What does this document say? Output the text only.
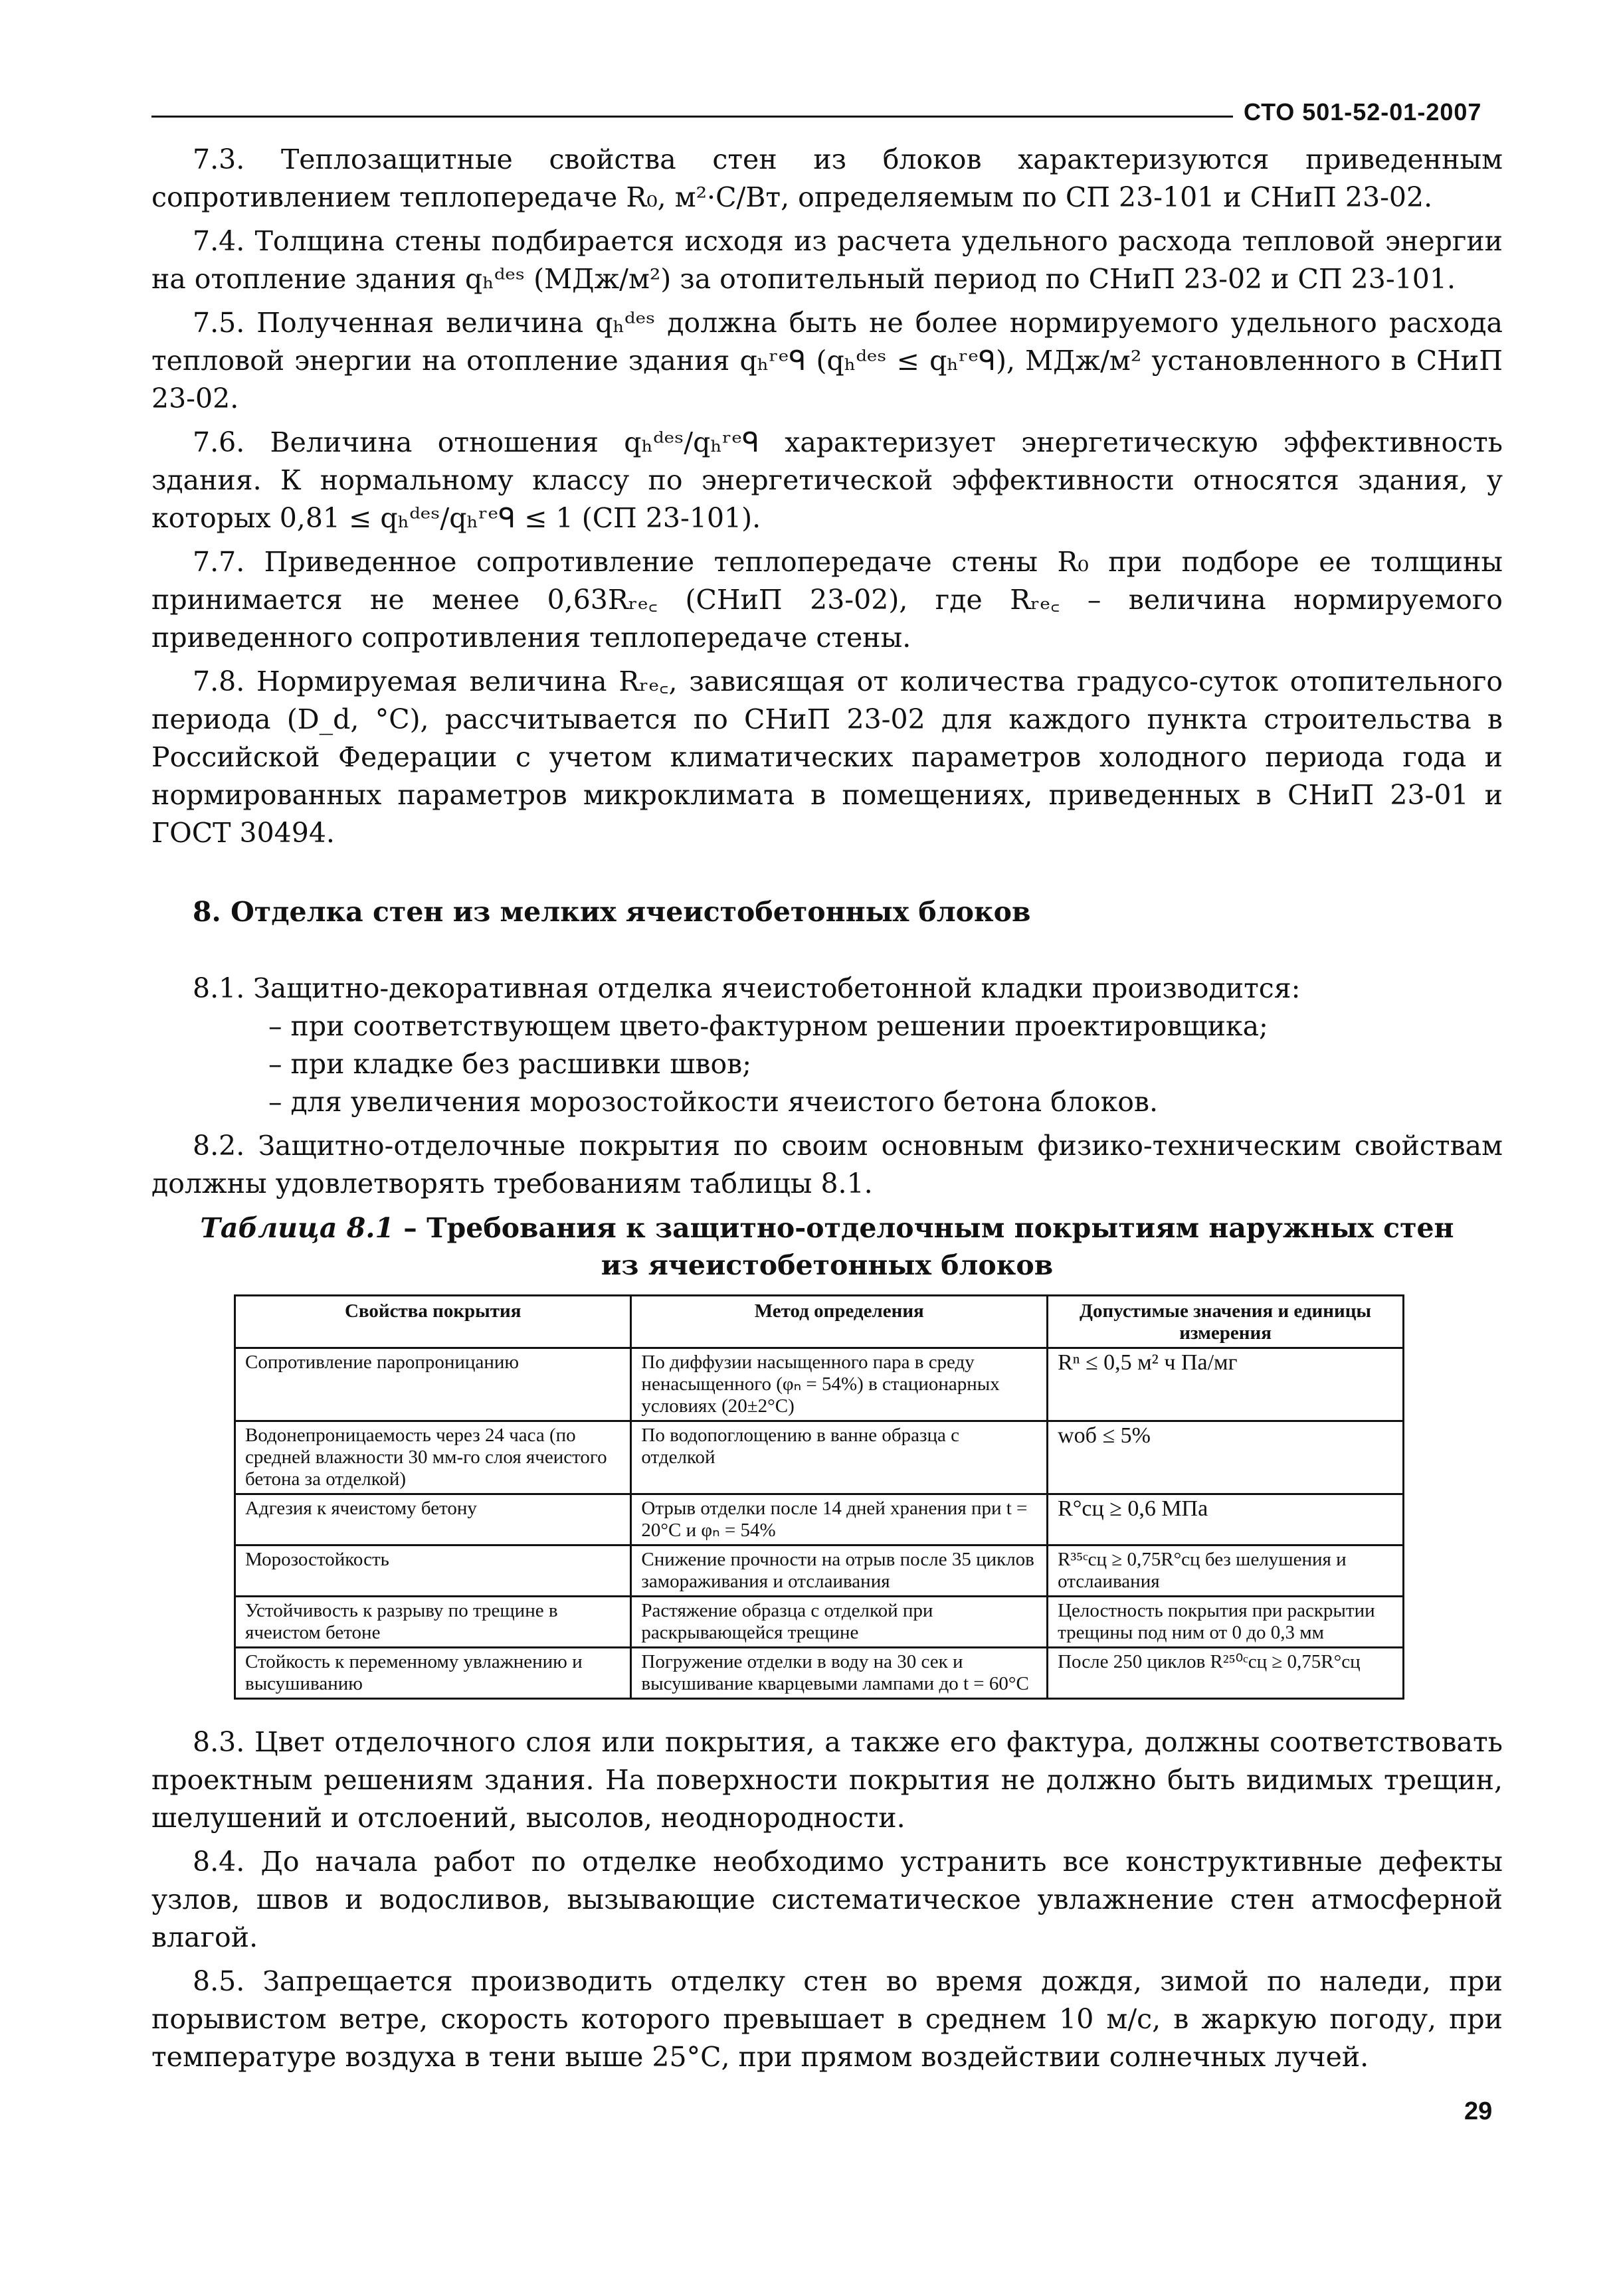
СТО 501-52-01-2007

7.3. Теплозащитные свойства стен из блоков характеризуются приведенным сопротивлением теплопередаче R₀, м²·С/Вт, определяемым по СП 23-101 и СНиП 23-02.

7.4. Толщина стены подбирается исходя из расчета удельного расхода тепловой энергии на отопление здания qₕᵈᵉˢ (МДж/м²) за отопительный период по СНиП 23-02 и СП 23-101.

7.5. Полученная величина qₕᵈᵉˢ должна быть не более нормируемого удельного расхода тепловой энергии на отопление здания qₕʳᵉᑫ (qₕᵈᵉˢ ≤ qₕʳᵉᑫ), МДж/м² установленного в СНиП 23-02.

7.6. Величина отношения qₕᵈᵉˢ/qₕʳᵉᑫ характеризует энергетическую эффективность здания. К нормальному классу по энергетической эффективности относятся здания, у которых 0,81 ≤ qₕᵈᵉˢ/qₕʳᵉᑫ ≤ 1 (СП 23-101).

7.7. Приведенное сопротивление теплопередаче стены R₀ при подборе ее толщины принимается не менее 0,63Rᵣₑ꜀ (СНиП 23-02), где Rᵣₑ꜀ – величина нормируемого приведенного сопротивления теплопередаче стены.

7.8. Нормируемая величина Rᵣₑ꜀, зависящая от количества градусо-суток отопительного периода (D_d, °C), рассчитывается по СНиП 23-02 для каждого пункта строительства в Российской Федерации с учетом климатических параметров холодного периода года и нормированных параметров микроклимата в помещениях, приведенных в СНиП 23-01 и ГОСТ 30494.

8. Отделка стен из мелких ячеистобетонных блоков

8.1. Защитно-декоративная отделка ячеистобетонной кладки производится:

– при соответствующем цвето-фактурном решении проектировщика;

– при кладке без расшивки швов;

– для увеличения морозостойкости ячеистого бетона блоков.

8.2. Защитно-отделочные покрытия по своим основным физико-техническим свойствам должны удовлетворять требованиям таблицы 8.1.

Таблица 8.1 – Требования к защитно-отделочным покрытиям наружных стен
из ячеистобетонных блоков
Свойства покрытия	Метод определения	Допустимые значения и единицы измерения
Сопротивление паропроницанию	По диффузии насыщенного пара в среду ненасыщенного (φₙ = 54%) в стационарных условиях (20±2°С)	Rⁿ ≤ 0,5 м² ч Па/мг
Водонепроницаемость через 24 часа (по средней влажности 30 мм-го слоя ячеистого бетона за отделкой)	По водопоглощению в ванне образца с отделкой	wоб ≤ 5%
Адгезия к ячеистому бетону	Отрыв отделки после 14 дней хранения при t = 20°С и φₙ = 54%	R°сц ≥ 0,6 МПа
Морозостойкость	Снижение прочности на отрыв после 35 циклов замораживания и отслаивания	R³⁵ᶜсц ≥ 0,75R°сц без шелушения и отслаивания
Устойчивость к разрыву по трещине в ячеистом бетоне	Растяжение образца с отделкой при раскрывающейся трещине	Целостность покрытия при раскрытии трещины под ним от 0 до 0,3 мм
Стойкость к переменному увлажнению и высушиванию	Погружение отделки в воду на 30 сек и высушивание кварцевыми лампами до t = 60°С	После 250 циклов R²⁵⁰ᶜсц ≥ 0,75R°сц

8.3. Цвет отделочного слоя или покрытия, а также его фактура, должны соответствовать проектным решениям здания. На поверхности покрытия не должно быть видимых трещин, шелушений и отслоений, высолов, неоднородности.

8.4. До начала работ по отделке необходимо устранить все конструктивные дефекты узлов, швов и водосливов, вызывающие систематическое увлажнение стен атмосферной влагой.

8.5. Запрещается производить отделку стен во время дождя, зимой по наледи, при порывистом ветре, скорость которого превышает в среднем 10 м/с, в жаркую погоду, при температуре воздуха в тени выше 25°С, при прямом воздействии солнечных лучей.

29
